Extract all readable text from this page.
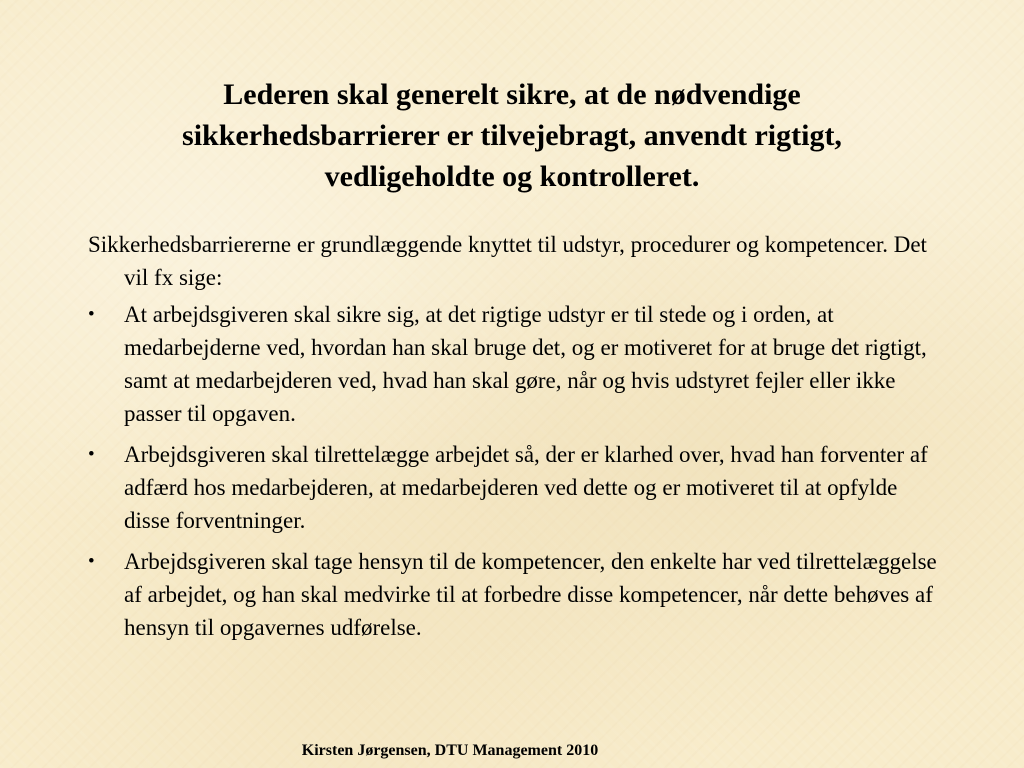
Lederen skal generelt sikre, at de nødvendige sikkerhedsbarrierer er tilvejebragt, anvendt rigtigt, vedligeholdte og kontrolleret.

Sikkerhedsbarriererne er grundlæggende knyttet til udstyr, procedurer og kompetencer. Det vil fx sige:

•	At arbejdsgiveren skal sikre sig, at det rigtige udstyr er til stede og i orden, at medarbejderne ved, hvordan han skal bruge det, og er motiveret for at bruge det rigtigt, samt at medarbejderen ved, hvad han skal gøre, når og hvis udstyret fejler eller ikke passer til opgaven.
•	Arbejdsgiveren skal tilrettelægge arbejdet så, der er klarhed over, hvad han forventer af adfærd hos medarbejderen, at medarbejderen ved dette og er motiveret til at opfylde disse forventninger.
•	Arbejdsgiveren skal tage hensyn til de kompetencer, den enkelte har ved tilrettelæggelse af arbejdet, og han skal medvirke til at forbedre disse kompetencer, når dette behøves af hensyn til opgavernes udførelse.
Kirsten Jørgensen, DTU Management 2010
